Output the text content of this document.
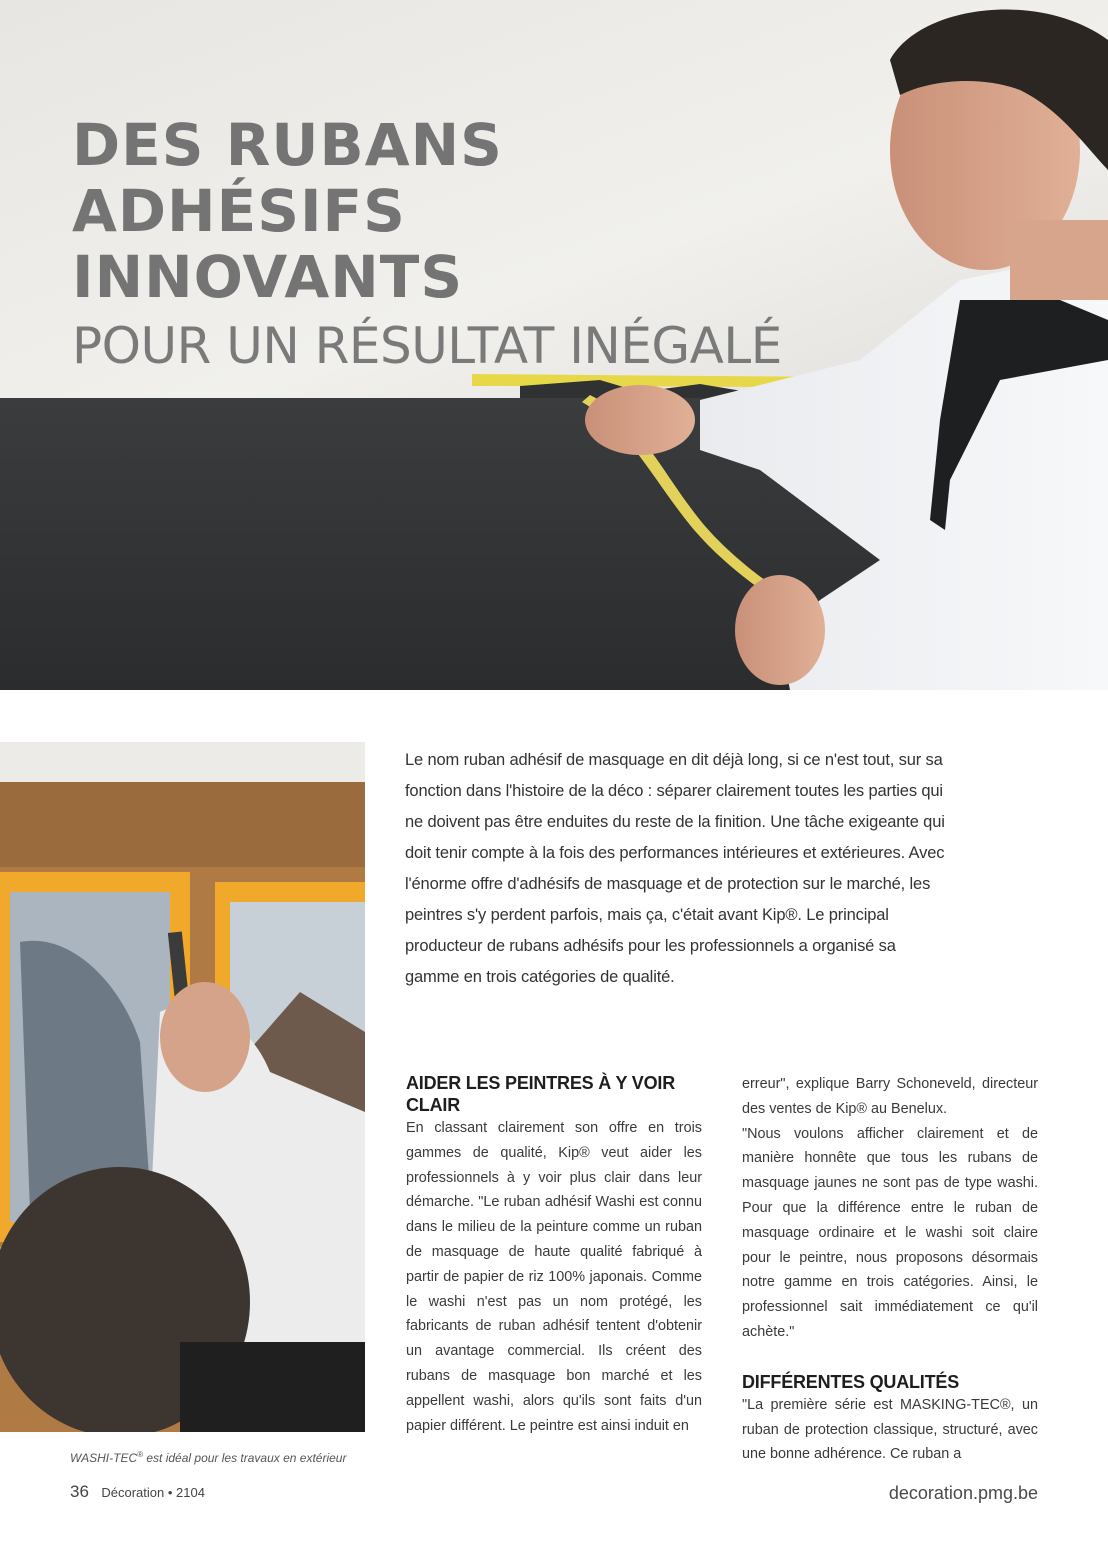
DES RUBANS ADHÉSIFS
INNOVANTS
POUR UN RÉSULTAT INÉGALÉ
WASHI-TEC® est idéal pour les travaux en extérieur

Le nom ruban adhésif de masquage en dit déjà long, si ce n'est tout, sur sa fonction dans l'histoire de la déco : séparer clairement toutes les parties qui ne doivent pas être enduites du reste de la finition. Une tâche exigeante qui doit tenir compte à la fois des performances intérieures et extérieures. Avec l'énorme offre d'adhésifs de masquage et de protection sur le marché, les peintres s'y perdent parfois, mais ça, c'était avant Kip®. Le principal producteur de rubans adhésifs pour les professionnels a organisé sa gamme en trois catégories de qualité.

AIDER LES PEINTRES À Y VOIR CLAIR

En classant clairement son offre en trois gammes de qualité, Kip® veut aider les professionnels à y voir plus clair dans leur démarche. "Le ruban adhésif Washi est connu dans le milieu de la peinture comme un ruban de masquage de haute qualité fabriqué à partir de papier de riz 100% japonais. Comme le washi n'est pas un nom protégé, les fabricants de ruban adhésif tentent d'obtenir un avantage commercial. Ils créent des rubans de masquage bon marché et les appellent washi, alors qu'ils sont faits d'un papier différent. Le peintre est ainsi induit en

erreur", explique Barry Schoneveld, directeur des ventes de Kip® au Benelux.

"Nous voulons afficher clairement et de manière honnête que tous les rubans de masquage jaunes ne sont pas de type washi. Pour que la différence entre le ruban de masquage ordinaire et le washi soit claire pour le peintre, nous proposons désormais notre gamme en trois catégories. Ainsi, le professionnel sait immédiatement ce qu'il achète."

DIFFÉRENTES QUALITÉS

"La première série est MASKING-TEC®, un ruban de protection classique, structuré, avec une bonne adhérence. Ce ruban a

36 Décoration • 2104	decoration.pmg.be
